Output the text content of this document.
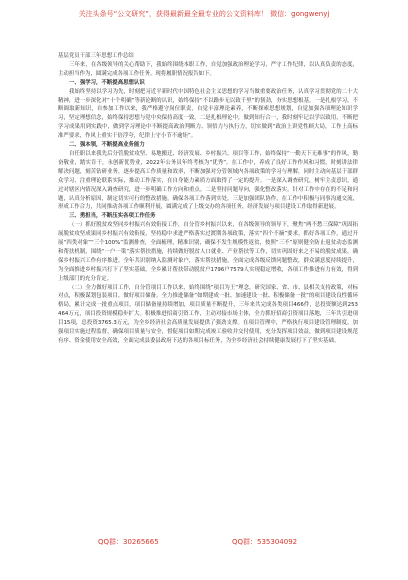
关注头条号“公文研究”，获得最新最全最专业的公文资料库！ 微信：gongwenyj

基层党员干部三年思想工作总结

三年来，在各级领导的关心帮助下，我始终围绕本职工作，自觉加强政治理论学习，严守工作纪律，以认真负责的态度，主动担当作为，圆满完成各项工作任务。现将履职情况报告如下。

一、强学习，不断提高思想认识

我始终坚持以学习为先，时刻把习近平新时代中国特色社会主义思想的学习当做重要政治任务，认真学习贯彻党的二十大精神，进一步深化对“十个明确”等新论断的认识，始终保持“不以路步无以致千里”的韧劲，夯实思想根基。一是扎根学习，不断调取新知识，自参加工作以来，我严格遵守岗位职责，自觉丰富理论素养，不断探索思想规划，自觉加强各项理论知识学习，坚定理想信念，始终保持思想与党中央保持高度一致。二是扎根理论中，做到知行合一，我时刻牢记以学以致用，不断把学习成果用到实践中，做到学习理论中不断提高政治判断力、领悟力与执行力，切实做到“政治上讲党性顾大局，工作上高标准严要求，作风上重实干倍浮夸，纪律上守小节不逾矩”。

二、强本领，不断提高业务能力

自任职以来我先后分管脱贫攻坚、易地搬迁、经济发展、乡村振兴、项目等工作，始终保持“一勤天下无难事”的作风，勤奋敬业，踏实肯干，永创新优势业，2022年公务员年终考核为“优秀”。在工作中，养成了良好工作作风和习惯，时刻讲法律解决问题，刻苦钻研业务，逐步提高工作质量和效率，不断加强对分管领域内各项政策的学习与理解，同时主动向基层干部群众学习，注重理论联系实际，推动工作落实，在自身能力素质方面取得了一定的提升。一是深入调查研究，树牢主责意识，通过对辖区内情况深入调查研究，进一步明确工作方向和重点。二是坚持问题导向，强化整改落实，针对工作中存在的不足和问题，认真分析原因，制定切实可行的整改措施，确保各项工作落到实处。三是加强团队协作，在工作中积极与同事沟通交流，形成工作合力，共同推动各项工作顺利开展，圆满完成了上级交办的各项任务，经济发展与项目建设工作取得新进展。

三、勇担当，不断压实各项工作任务

（一）抓好脱贫攻坚同乡村振兴有效衔接工作，自分管乡村振兴以来，在各级领导的领导下，聚焦“两不愁三保障”巩固拓展脱贫攻坚成果同乡村振兴有效衔接，坚持稳中求进严格落实过渡期各项政策，落实“四个不摘”要求，抓好各项工作，通过开展“四类对象”“三个100%”监测排查，全面梳理，精准识别，确保不发生规模性返贫，按照“三不”原则健全防止返贫动态监测和帮扶机制，围绕“一户一策”落实帮扶措施，持续做好脱贫人口就业、产业帮扶等工作，切实巩固好来之不易的脱贫成果，确保乡村振兴工作有序推进。全年共识别纳入监测对象户，落实帮扶措施，全面完成各级反馈问题整改，群众满意度持续提升，为全面推进乡村振兴打下了坚实基础，全乡累计帮扶带动脱贫户1796户7579人实现稳定增收，各项工作推进有力有效，得到上级部门的充分肯定。

（二）全力做好项目工作，自分管项目工作以来，始终围绕“项目为王”理念，研究国家、省、市、县相关支持政策，对标对点，积极谋划包装项目，做好项目储备。全力推进储备“如期建成一批、加速建设一批、积极储备一批”的项目建设良性循环格局，累计完成一批重点项目，项目储备量持续增加，项目质量不断提升，三年来共完成各类项目466件，总投资额达到253464万元，项目投资规模稳步扩大。积极推进招商引资工作，主动对接市场主体，全力抓好招商引资项目落地，三年共引进项目15项，总投资3765.3万元，为全乡经济社会高质量发展提供了强劲支撑。在项目管理中，严格执行项目建设管理制度，加强项目实施过程监督，确保项目质量与安全，督促项目如期完成竣工验收并交付使用，充分发挥项目效益，做到项目建设规范有序、资金使用安全高效，全面完成县委县政府下达的各项目标任务，为全乡经济社会持续健康发展打下了坚实基础。

QQ群：30265665	QQ群：535304092
